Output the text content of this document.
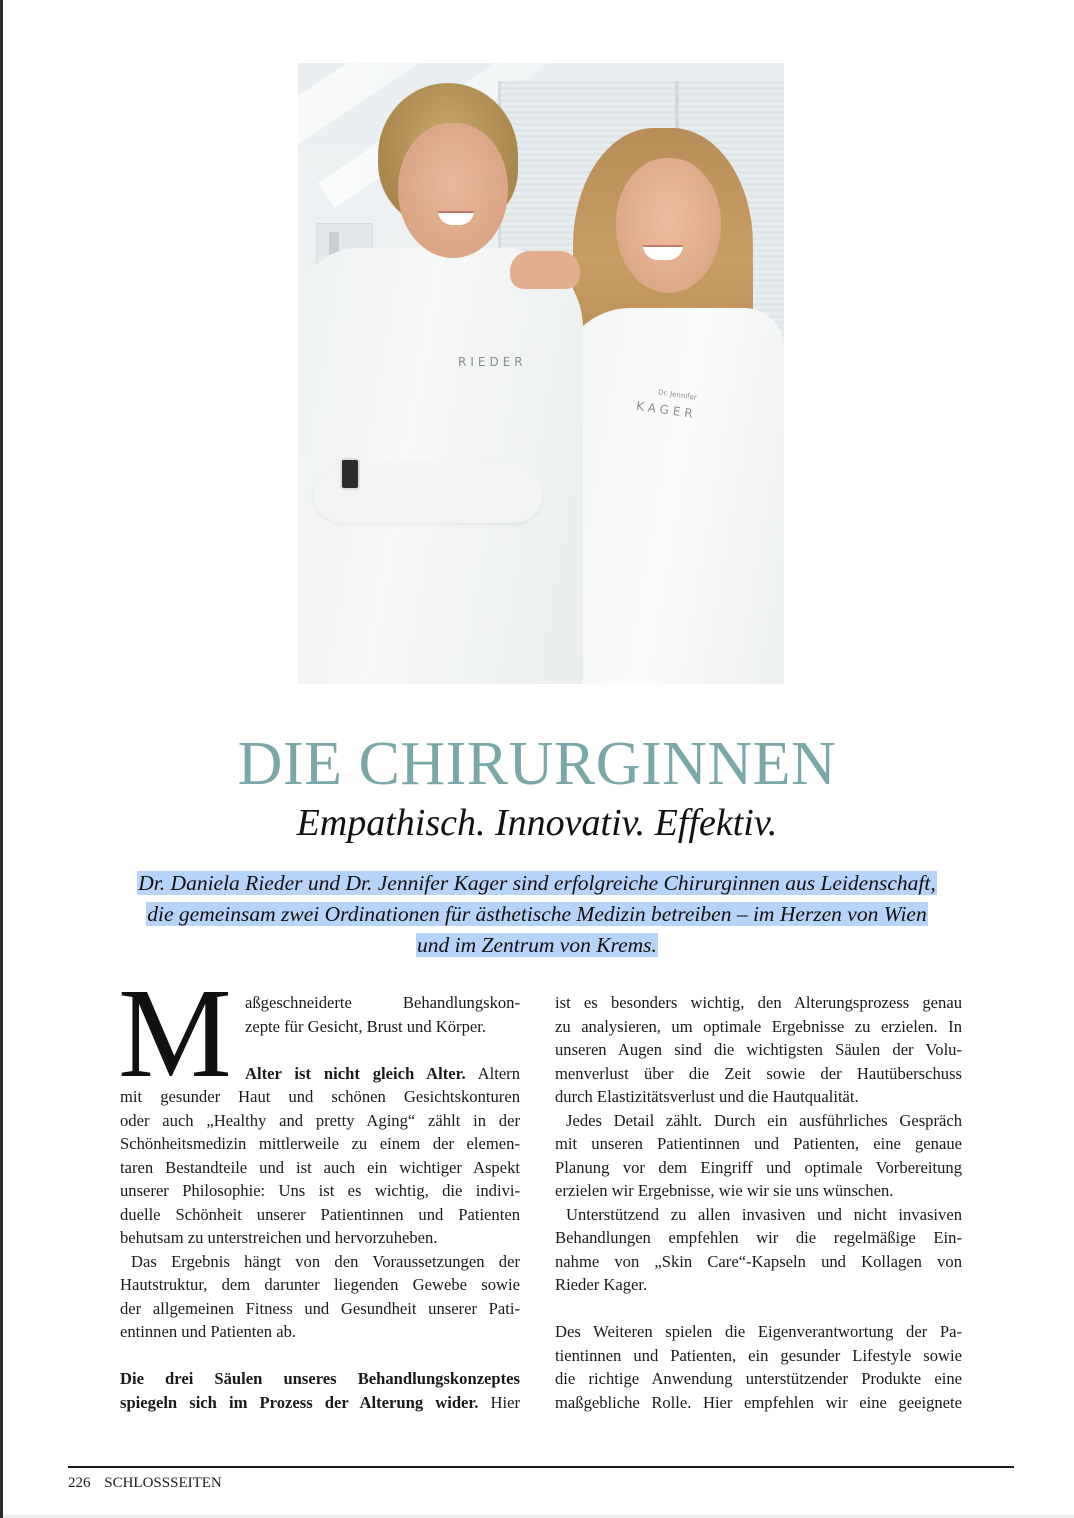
Dr. Jennifer
KAGER
RIEDER
DIE CHIRURGINNEN
Empathisch. Innovativ. Effektiv.
Dr. Daniela Rieder und Dr. Jennifer Kager sind erfolgreiche Chirurginnen aus Leidenschaft,
die gemeinsam zwei Ordinationen für ästhetische Medizin betreiben – im Herzen von Wien
und im Zentrum von Krems.
M aßgeschneiderte Behandlungskon-
zepte für Gesicht, Brust und Körper.
Alter ist nicht gleich Alter. Altern
mit gesunder Haut und schönen Gesichtskonturen
oder auch „Healthy and pretty Aging“ zählt in der
Schönheitsmedizin mittlerweile zu einem der elemen-
taren Bestandteile und ist auch ein wichtiger Aspekt
unserer Philosophie: Uns ist es wichtig, die indivi-
duelle Schönheit unserer Patientinnen und Patienten
behutsam zu unterstreichen und hervorzuheben.
Das Ergebnis hängt von den Voraussetzungen der
Hautstruktur, dem darunter liegenden Gewebe sowie
der allgemeinen Fitness und Gesundheit unserer Pati-
entinnen und Patienten ab.
Die drei Säulen unseres Behandlungskonzeptes
spiegeln sich im Prozess der Alterung wider. Hier
ist es besonders wichtig, den Alterungsprozess genau
zu analysieren, um optimale Ergebnisse zu erzielen. In
unseren Augen sind die wichtigsten Säulen der Volu-
menverlust über die Zeit sowie der Hautüberschuss
durch Elastizitätsverlust und die Hautqualität.
Jedes Detail zählt. Durch ein ausführliches Gespräch
mit unseren Patientinnen und Patienten, eine genaue
Planung vor dem Eingriff und optimale Vorbereitung
erzielen wir Ergebnisse, wie wir sie uns wünschen.
Unterstützend zu allen invasiven und nicht invasiven
Behandlungen empfehlen wir die regelmäßige Ein-
nahme von „Skin Care“-Kapseln und Kollagen von
Rieder Kager.
Des Weiteren spielen die Eigenverantwortung der Pa-
tientinnen und Patienten, ein gesunder Lifestyle sowie
die richtige Anwendung unterstützender Produkte eine
maßgebliche Rolle. Hier empfehlen wir eine geeignete
226 SCHLOSSSEITEN
